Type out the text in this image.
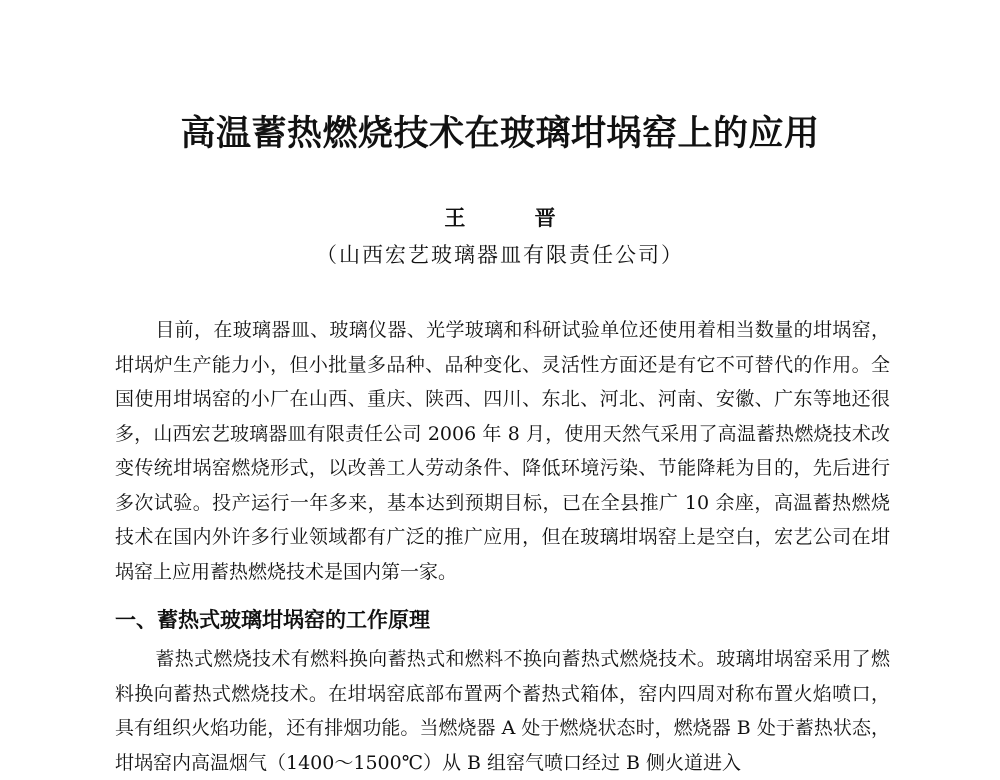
高温蓄热燃烧技术在玻璃坩埚窑上的应用
王 晋
（山西宏艺玻璃器皿有限责任公司）

目前，在玻璃器皿、玻璃仪器、光学玻璃和科研试验单位还使用着相当数量的坩埚窑，坩埚炉生产能力小，但小批量多品种、品种变化、灵活性方面还是有它不可替代的作用。全国使用坩埚窑的小厂在山西、重庆、陕西、四川、东北、河北、河南、安徽、广东等地还很多，山西宏艺玻璃器皿有限责任公司 2006 年 8 月，使用天然气采用了高温蓄热燃烧技术改变传统坩埚窑燃烧形式，以改善工人劳动条件、降低环境污染、节能降耗为目的，先后进行多次试验。投产运行一年多来，基本达到预期目标，已在全县推广 10 余座，高温蓄热燃烧技术在国内外许多行业领域都有广泛的推广应用，但在玻璃坩埚窑上是空白，宏艺公司在坩埚窑上应用蓄热燃烧技术是国内第一家。

一、蓄热式玻璃坩埚窑的工作原理

蓄热式燃烧技术有燃料换向蓄热式和燃料不换向蓄热式燃烧技术。玻璃坩埚窑采用了燃料换向蓄热式燃烧技术。在坩埚窑底部布置两个蓄热式箱体，窑内四周对称布置火焰喷口，具有组织火焰功能，还有排烟功能。当燃烧器 A 处于燃烧状态时，燃烧器 B 处于蓄热状态，坩埚窑内高温烟气（1400～1500℃）从 B 组窑气喷口经过 B 侧火道进入
